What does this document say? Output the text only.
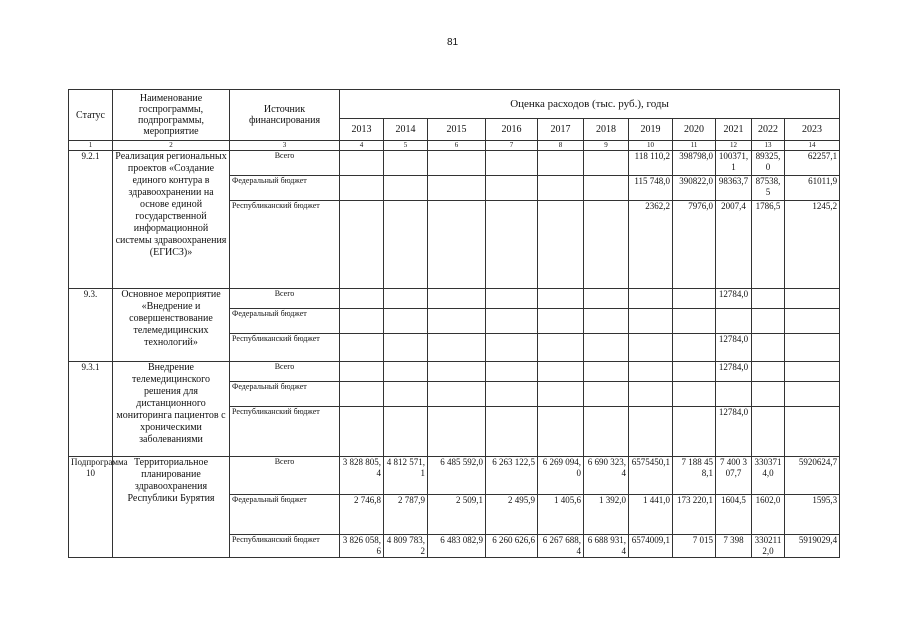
81
Статус	Наименование госпрограммы, подпрограммы, мероприятие	Источник финансирования	Оценка расходов (тыс. руб.), годы										
			2013	2014	2015	2016	2017	2018	2019	2020	2021	2022	2023
1	2	3	4	5	6	7	8	9	10	11	12	13	14
9.2.1	Реализация региональных проектов «Создание единого контура в здравоохранении на основе единой государственной информационной системы здравоохранения (ЕГИСЗ)»	Всего							118 110,2	398798,0	100371,1	89325,0	62257,1
		Федеральный бюджет							115 748,0	390822,0	98363,7	87538,5	61011,9
		Республиканский бюджет							2362,2	7976,0	2007,4	1786,5	1245,2
9.3.	Основное мероприятие «Внедрение и совершенствование телемедицинских технологий»	Всего									12784,0		
		Федеральный бюджет											
		Республиканский бюджет									12784,0		
9.3.1	Внедрение телемедицинского решения для дистанционного мониторинга пациентов с хроническими заболеваниями	Всего									12784,0		
		Федеральный бюджет											
		Республиканский бюджет									12784,0		
Подпрограмма 10	Территориальное планирование здравоохранения Республики Бурятия	Всего	3 828 805,4	4 812 571,1	6 485 592,0	6 263 122,5	6 269 094,0	6 690 323,4	6575450,1	7 188 458,1	7 400 307,7	3303714,0	5920624,7
		Федеральный бюджет	2 746,8	2 787,9	2 509,1	2 495,9	1 405,6	1 392,0	1 441,0	173 220,1	1604,5	1602,0	1595,3
		Республиканский бюджет	3 826 058,6	4 809 783,2	6 483 082,9	6 260 626,6	6 267 688,4	6 688 931,4	6574009,1	7 015	7 398	3302112,0	5919029,4
